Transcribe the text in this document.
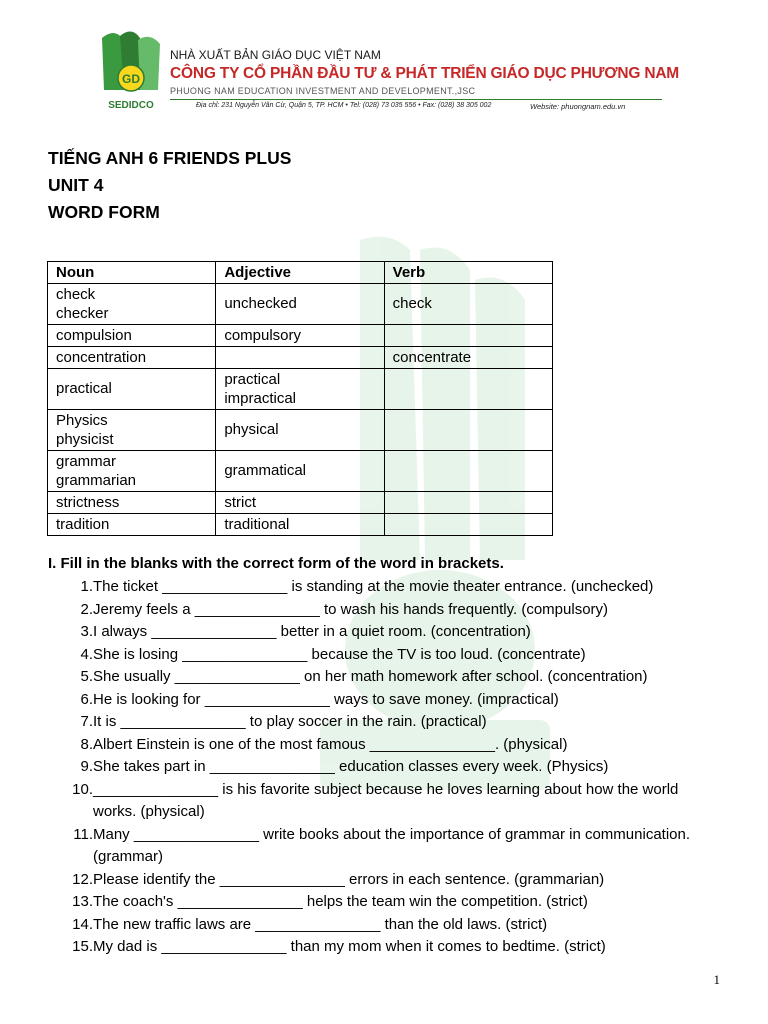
GD
SEDIDCO
NHÀ XUẤT BẢN GIÁO DỤC VIỆT NAM
CÔNG TY CỔ PHẦN ĐẦU TƯ & PHÁT TRIỂN GIÁO DỤC PHƯƠNG NAM
PHUONG NAM EDUCATION INVESTMENT AND DEVELOPMENT.,JSC
Địa chỉ: 231 Nguyễn Văn Cừ, Quận 5, TP. HCM • Tel: (028) 73 035 556 • Fax: (028) 38 305 002	Website: phuongnam.edu.vn
TIẾNG ANH 6 FRIENDS PLUS
UNIT 4
WORD FORM
Noun	Adjective	Verb

check
checker	unchecked	check

compulsion	compulsory	

concentration		concentrate

practical	practical
impractical	

Physics
physicist	physical	

grammar
grammarian	grammatical	

strictness	strict	

tradition	traditional	

I. Fill in the blanks with the correct form of the word in brackets.
1. The ticket _______________ is standing at the movie theater entrance. (unchecked)
2. Jeremy feels a _______________ to wash his hands frequently. (compulsory)
3. I always _______________ better in a quiet room. (concentration)
4. She is losing _______________ because the TV is too loud. (concentrate)
5. She usually _______________ on her math homework after school. (concentration)
6. He is looking for _______________ ways to save money. (impractical)
7. It is _______________ to play soccer in the rain. (practical)
8. Albert Einstein is one of the most famous _______________. (physical)
9. She takes part in _______________ education classes every week. (Physics)
10. _______________ is his favorite subject because he loves learning about how the world works. (physical)
11. Many _______________ write books about the importance of grammar in communication. (grammar)
12. Please identify the _______________ errors in each sentence. (grammarian)
13. The coach's _______________ helps the team win the competition. (strict)
14. The new traffic laws are _______________ than the old laws. (strict)
15. My dad is _______________ than my mom when it comes to bedtime. (strict)
1
